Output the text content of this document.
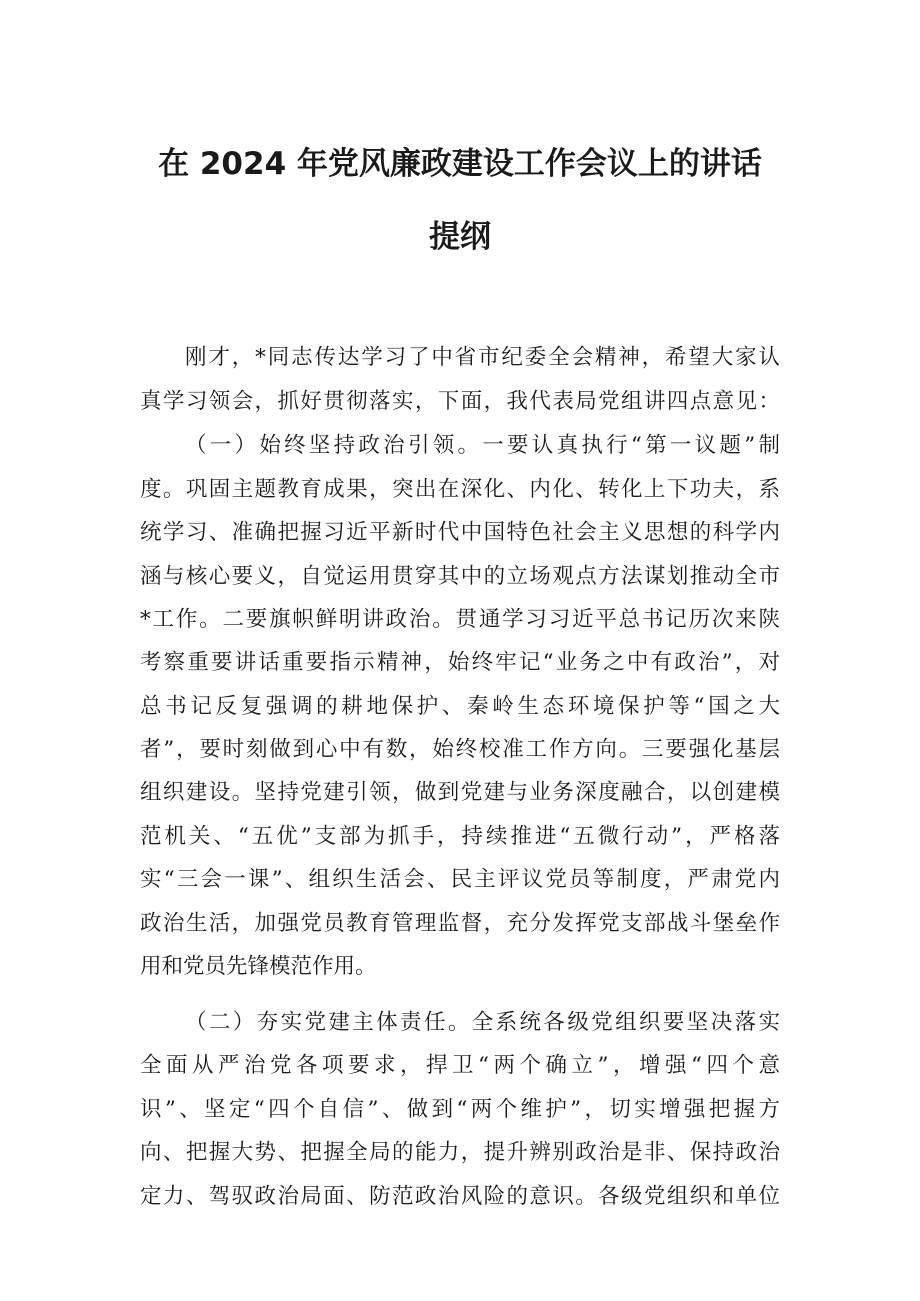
在 2024 年党风廉政建设工作会议上的讲话
提纲
刚才，*同志传达学习了中省市纪委全会精神，希望大家认
真学习领会，抓好贯彻落实，下面，我代表局党组讲四点意见：
（一）始终坚持政治引领。一要认真执行“第一议题”制
度。巩固主题教育成果，突出在深化、内化、转化上下功夫，系
统学习、准确把握习近平新时代中国特色社会主义思想的科学内
涵与核心要义，自觉运用贯穿其中的立场观点方法谋划推动全市
*工作。二要旗帜鲜明讲政治。贯通学习习近平总书记历次来陕
考察重要讲话重要指示精神，始终牢记“业务之中有政治”，对
总书记反复强调的耕地保护、秦岭生态环境保护等“国之大
者”，要时刻做到心中有数，始终校准工作方向。三要强化基层
组织建设。坚持党建引领，做到党建与业务深度融合，以创建模
范机关、“五优”支部为抓手，持续推进“五微行动”，严格落
实“三会一课”、组织生活会、民主评议党员等制度，严肃党内
政治生活，加强党员教育管理监督，充分发挥党支部战斗堡垒作
用和党员先锋模范作用。
（二）夯实党建主体责任。全系统各级党组织要坚决落实
全面从严治党各项要求，捍卫“两个确立”，增强“四个意
识”、坚定“四个自信”、做到“两个维护”，切实增强把握方
向、把握大势、把握全局的能力，提升辨别政治是非、保持政治
定力、驾驭政治局面、防范政治风险的意识。各级党组织和单位
